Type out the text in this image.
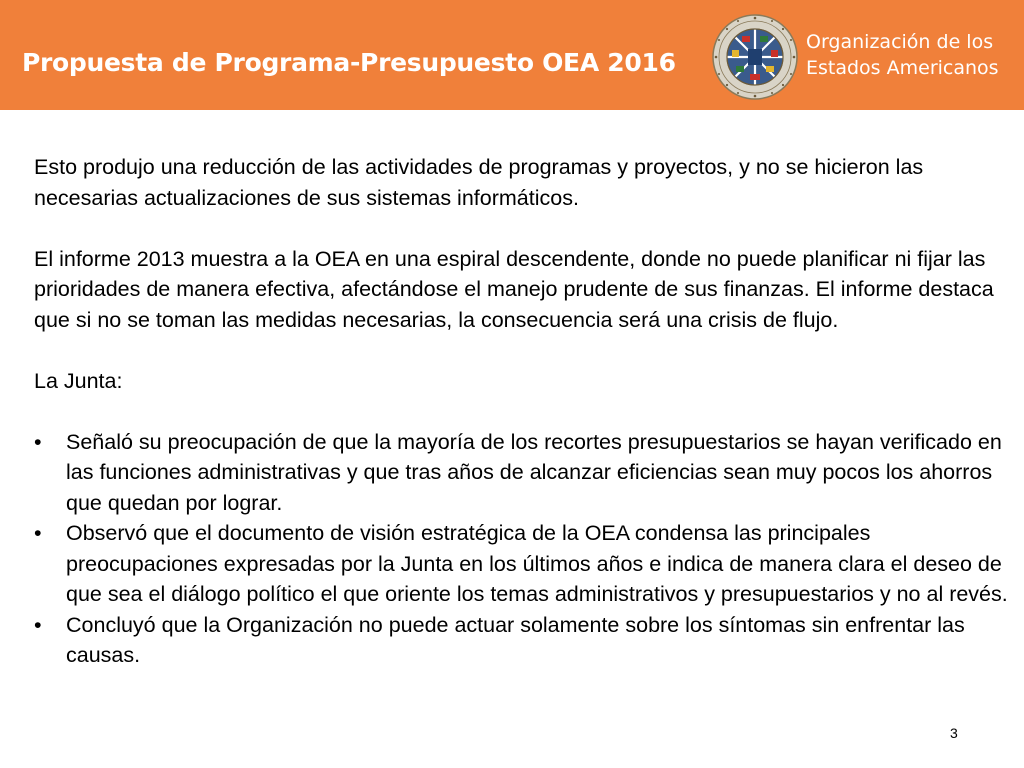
Propuesta de Programa-Presupuesto OEA 2016
Organización de los
Estados Americanos

Esto produjo una reducción de las actividades de programas y proyectos, y no se hicieron las necesarias actualizaciones de sus sistemas informáticos.

El informe 2013 muestra a la OEA en una espiral descendente, donde no puede planificar ni fijar las prioridades de manera efectiva, afectándose el manejo prudente de sus finanzas. El informe destaca que si no se toman las medidas necesarias, la consecuencia será una crisis de flujo.

La Junta:

• Señaló su preocupación de que la mayoría de los recortes presupuestarios se hayan verificado en las funciones administrativas y que tras años de alcanzar eficiencias sean muy pocos los ahorros que quedan por lograr.
• Observó que el documento de visión estratégica de la OEA condensa las principales preocupaciones expresadas por la Junta en los últimos años e indica de manera clara el deseo de que sea el diálogo político el que oriente los temas administrativos y presupuestarios y no al revés.
• Concluyó que la Organización no puede actuar solamente sobre los síntomas sin enfrentar las causas.
3
